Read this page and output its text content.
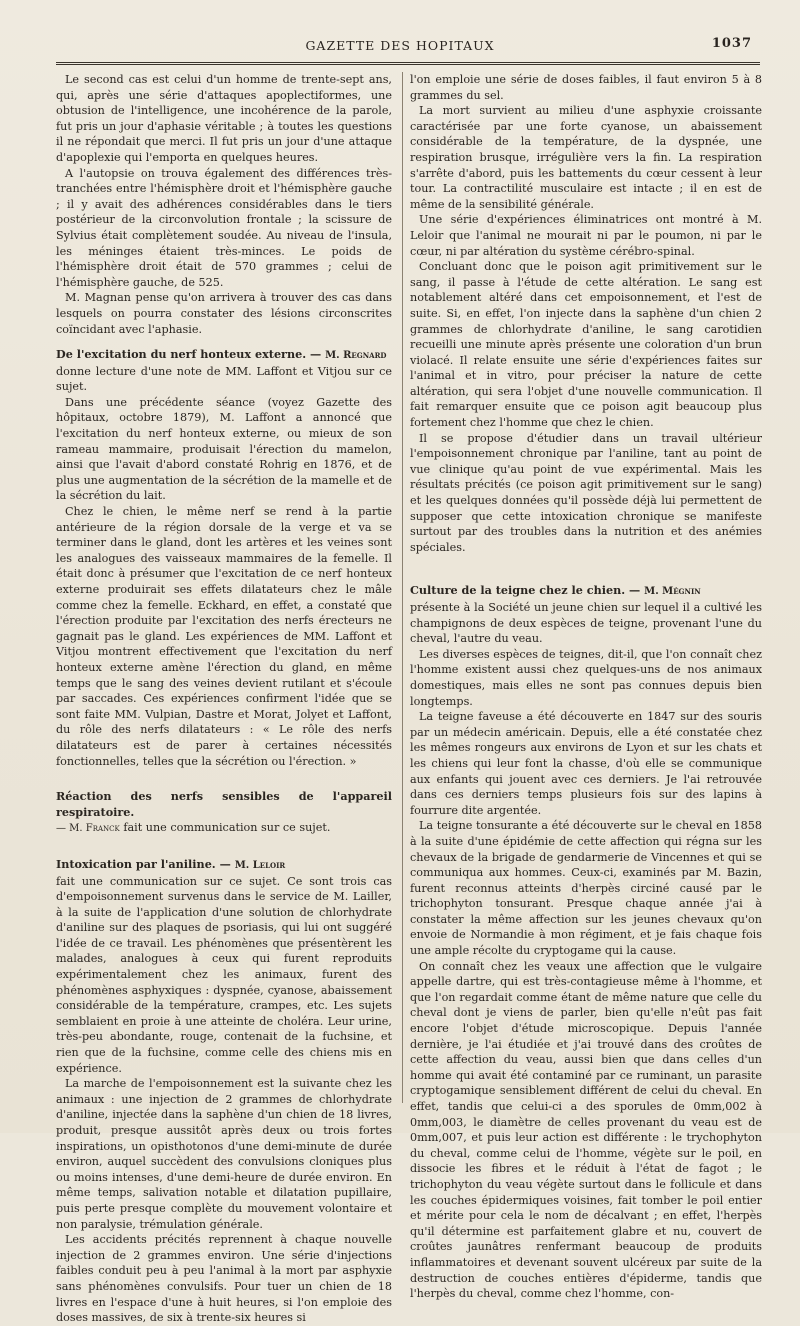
GAZETTE DES HOPITAUX	1037

Le second cas est celui d'un homme de trente-sept ans, qui, après une série d'attaques apoplectiformes, une obtusion de l'intelligence, une incohérence de la parole, fut pris un jour d'aphasie véritable ; à toutes les questions il ne répondait que merci. Il fut pris un jour d'une attaque d'apoplexie qui l'emporta en quelques heures.

A l'autopsie on trouva également des différences très-tranchées entre l'hémisphère droit et l'hémisphère gauche ; il y avait des adhérences considérables dans le tiers postérieur de la circonvolution frontale ; la scissure de Sylvius était complètement soudée. Au niveau de l'insula, les méninges étaient très-minces. Le poids de l'hémisphère droit était de 570 grammes ; celui de l'hémisphère gauche, de 525.

M. Magnan pense qu'on arrivera à trouver des cas dans lesquels on pourra constater des lésions circonscrites coïncidant avec l'aphasie.

De l'excitation du nerf honteux externe. — M. Regnard

donne lecture d'une note de MM. Laffont et Vitjou sur ce sujet.

Dans une précédente séance (voyez Gazette des hôpitaux, octobre 1879), M. Laffont a annoncé que l'excitation du nerf honteux externe, ou mieux de son rameau mammaire, produisait l'érection du mamelon, ainsi que l'avait d'abord constaté Rohrig en 1876, et de plus une augmentation de la sécrétion de la mamelle et de la sécrétion du lait.

Chez le chien, le même nerf se rend à la partie antérieure de la région dorsale de la verge et va se terminer dans le gland, dont les artères et les veines sont les analogues des vaisseaux mammaires de la femelle. Il était donc à présumer que l'excitation de ce nerf honteux externe produirait ses effets dilatateurs chez le mâle comme chez la femelle. Eckhard, en effet, a constaté que l'érection produite par l'excitation des nerfs érecteurs ne gagnait pas le gland. Les expériences de MM. Laffont et Vitjou montrent effectivement que l'excitation du nerf honteux externe amène l'érection du gland, en même temps que le sang des veines devient rutilant et s'écoule par saccades. Ces expériences confirment l'idée que se sont faite MM. Vulpian, Dastre et Morat, Jolyet et Laffont, du rôle des nerfs dilatateurs : « Le rôle des nerfs dilatateurs est de parer à certaines nécessités fonctionnelles, telles que la sécrétion ou l'érection. »

Réaction des nerfs sensibles de l'appareil respiratoire.

— M. Franck fait une communication sur ce sujet.

Intoxication par l'aniline. — M. Leloir

fait une communication sur ce sujet. Ce sont trois cas d'empoisonnement survenus dans le service de M. Lailler, à la suite de l'application d'une solution de chlorhydrate d'aniline sur des plaques de psoriasis, qui lui ont suggéré l'idée de ce travail. Les phénomènes que présentèrent les malades, analogues à ceux qui furent reproduits expérimentalement chez les animaux, furent des phénomènes asphyxiques : dyspnée, cyanose, abaissement considérable de la température, crampes, etc. Les sujets semblaient en proie à une atteinte de choléra. Leur urine, très-peu abondante, rouge, contenait de la fuchsine, et rien que de la fuchsine, comme celle des chiens mis en expérience.

La marche de l'empoisonnement est la suivante chez les animaux : une injection de 2 grammes de chlorhydrate d'aniline, injectée dans la saphène d'un chien de 18 livres, produit, presque aussitôt après deux ou trois fortes inspirations, un opisthotonos d'une demi-minute de durée environ, auquel succèdent des convulsions cloniques plus ou moins intenses, d'une demi-heure de durée environ. En même temps, salivation notable et dilatation pupillaire, puis perte presque complète du mouvement volontaire et non paralysie, trémulation générale.

Les accidents précités reprennent à chaque nouvelle injection de 2 grammes environ. Une série d'injections faibles conduit peu à peu l'animal à la mort par asphyxie sans phénomènes convulsifs. Pour tuer un chien de 18 livres en l'espace d'une à huit heures, si l'on emploie des doses massives, de six à trente-six heures si

l'on emploie une série de doses faibles, il faut environ 5 à 8 grammes du sel.

La mort survient au milieu d'une asphyxie croissante caractérisée par une forte cyanose, un abaissement considérable de la température, de la dyspnée, une respiration brusque, irrégulière vers la fin. La respiration s'arrête d'abord, puis les battements du cœur cessent à leur tour. La contractilité musculaire est intacte ; il en est de même de la sensibilité générale.

Une série d'expériences éliminatrices ont montré à M. Leloir que l'animal ne mourait ni par le poumon, ni par le cœur, ni par altération du système cérébro-spinal.

Concluant donc que le poison agit primitivement sur le sang, il passe à l'étude de cette altération. Le sang est notablement altéré dans cet empoisonnement, et l'est de suite. Si, en effet, l'on injecte dans la saphène d'un chien 2 grammes de chlorhydrate d'aniline, le sang carotidien recueilli une minute après présente une coloration d'un brun violacé. Il relate ensuite une série d'expériences faites sur l'animal et in vitro, pour préciser la nature de cette altération, qui sera l'objet d'une nouvelle communication. Il fait remarquer ensuite que ce poison agit beaucoup plus fortement chez l'homme que chez le chien.

Il se propose d'étudier dans un travail ultérieur l'empoisonnement chronique par l'aniline, tant au point de vue clinique qu'au point de vue expérimental. Mais les résultats précités (ce poison agit primitivement sur le sang) et les quelques données qu'il possède déjà lui permettent de supposer que cette intoxication chronique se manifeste surtout par des troubles dans la nutrition et des anémies spéciales.

Culture de la teigne chez le chien. — M. Mégnin

présente à la Société un jeune chien sur lequel il a cultivé les champignons de deux espèces de teigne, provenant l'une du cheval, l'autre du veau.

Les diverses espèces de teignes, dit-il, que l'on connaît chez l'homme existent aussi chez quelques-uns de nos animaux domestiques, mais elles ne sont pas connues depuis bien longtemps.

La teigne faveuse a été découverte en 1847 sur des souris par un médecin américain. Depuis, elle a été constatée chez les mêmes rongeurs aux environs de Lyon et sur les chats et les chiens qui leur font la chasse, d'où elle se communique aux enfants qui jouent avec ces derniers. Je l'ai retrouvée dans ces derniers temps plusieurs fois sur des lapins à fourrure dite argentée.

La teigne tonsurante a été découverte sur le cheval en 1858 à la suite d'une épidémie de cette affection qui régna sur les chevaux de la brigade de gendarmerie de Vincennes et qui se communiqua aux hommes. Ceux-ci, examinés par M. Bazin, furent reconnus atteints d'herpès circiné causé par le trichophyton tonsurant. Presque chaque année j'ai à constater la même affection sur les jeunes chevaux qu'on envoie de Normandie à mon régiment, et je fais chaque fois une ample récolte du cryptogame qui la cause.

On connaît chez les veaux une affection que le vulgaire appelle dartre, qui est très-contagieuse même à l'homme, et que l'on regardait comme étant de même nature que celle du cheval dont je viens de parler, bien qu'elle n'eût pas fait encore l'objet d'étude microscopique. Depuis l'année dernière, je l'ai étudiée et j'ai trouvé dans des croûtes de cette affection du veau, aussi bien que dans celles d'un homme qui avait été contaminé par ce ruminant, un parasite cryptogamique sensiblement différent de celui du cheval. En effet, tandis que celui-ci a des sporules de 0mm,002 à 0mm,003, le diamètre de celles provenant du veau est de 0mm,007, et puis leur action est différente : le trychophyton du cheval, comme celui de l'homme, végète sur le poil, en dissocie les fibres et le réduit à l'état de fagot ; le trichophyton du veau végète surtout dans le follicule et dans les couches épidermiques voisines, fait tomber le poil entier et mérite pour cela le nom de décalvant ; en effet, l'herpès qu'il détermine est parfaitement glabre et nu, couvert de croûtes jaunâtres renfermant beaucoup de produits inflammatoires et devenant souvent ulcéreux par suite de la destruction de couches entières d'épiderme, tandis que l'herpès du cheval, comme chez l'homme, con-
